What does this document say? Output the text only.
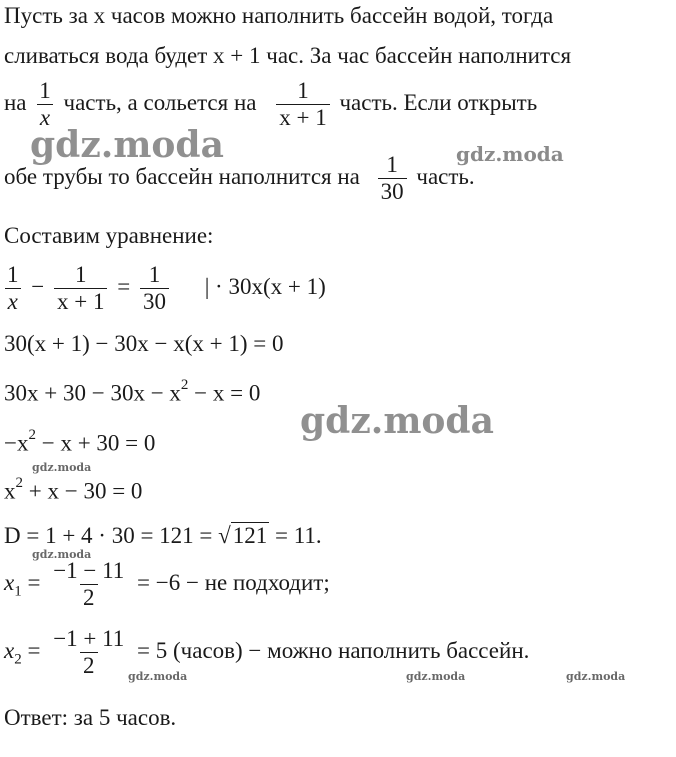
Пусть за x часов можно наполнить бассейн водой, тогда
сливаться вода будет x + 1 час. За час бассейн наполнится
на $\frac{1}{x}$ часть, а сольется на $\frac{1}{x + 1}$ часть. Если открыть
обе трубы то бассейн наполнится на $\frac{1}{30}$ часть.
Составим уравнение:
$\frac{1}{x} - \frac{1}{x + 1} = \frac{1}{30}$ | · 30x(x + 1)
30(x + 1) − 30x − x(x + 1) = 0
$30x + 30 - 30x - x^2 - x = 0$
$-x^2 - x + 30 = 0$
$x^2 + x - 30 = 0$
D = 1 + 4 · 30 = 121 = √121 = 11.
$x_1 = \frac{-1 - 11}{2} = -6$ − не подходит;
$x_2 = \frac{-1 + 11}{2} = 5$ (часов) − можно наполнить бассейн.
Ответ: за 5 часов.
gdz.moda	gdz.moda
gdz.moda
gdz.moda
gdz.moda
gdz.moda	gdz.moda	gdz.moda
